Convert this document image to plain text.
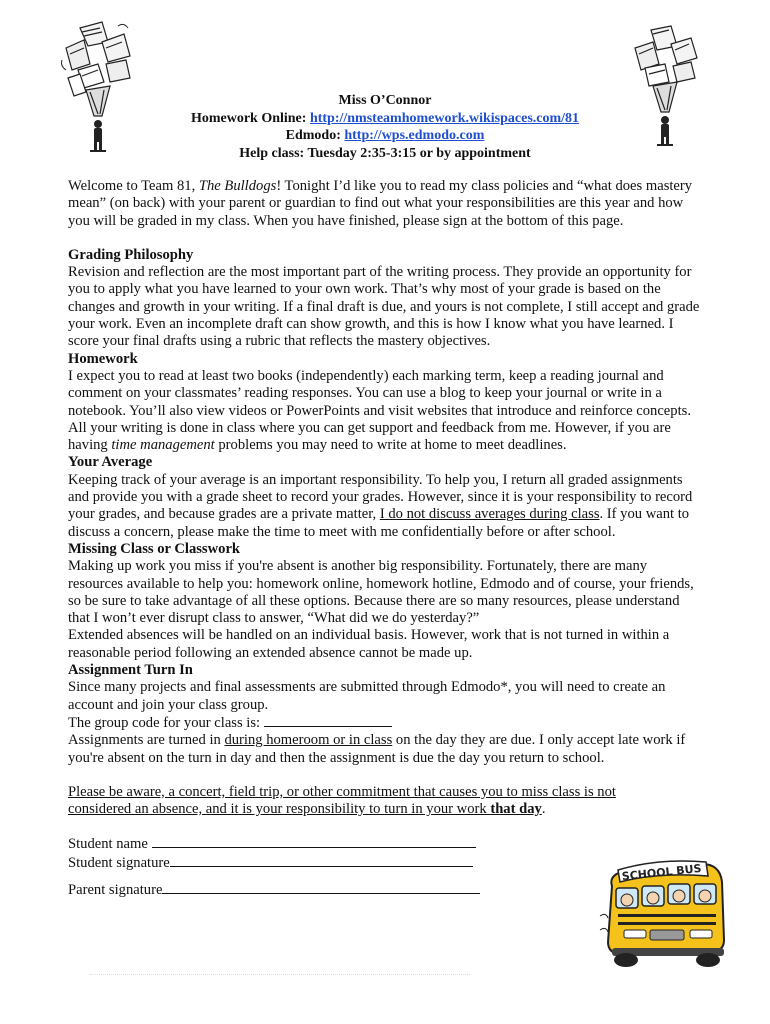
Miss O’Connor
Homework Online: http://nmsteamhomework.wikispaces.com/81
Edmodo: http://wps.edmodo.com
Help class: Tuesday 2:35-3:15 or by appointment

Welcome to Team 81, The Bulldogs! Tonight I’d like you to read my class policies and “what does mastery mean” (on back) with your parent or guardian to find out what your responsibilities are this year and how you will be graded in my class. When you have finished, please sign at the bottom of this page.

Grading Philosophy

Revision and reflection are the most important part of the writing process. They provide an opportunity for you to apply what you have learned to your own work. That’s why most of your grade is based on the changes and growth in your writing. If a final draft is due, and yours is not complete, I still accept and grade your work. Even an incomplete draft can show growth, and this is how I know what you have learned. I score your final drafts using a rubric that reflects the mastery objectives.

Homework

I expect you to read at least two books (independently) each marking term, keep a reading journal and comment on your classmates’ reading responses. You can use a blog to keep your journal or write in a notebook. You’ll also view videos or PowerPoints and visit websites that introduce and reinforce concepts. All your writing is done in class where you can get support and feedback from me. However, if you are having time management problems you may need to write at home to meet deadlines.

Your Average

Keeping track of your average is an important responsibility. To help you, I return all graded assignments and provide you with a grade sheet to record your grades. However, since it is your responsibility to record your grades, and because grades are a private matter, I do not discuss averages during class. If you want to discuss a concern, please make the time to meet with me confidentially before or after school.

Missing Class or Classwork

Making up work you miss if you're absent is another big responsibility. Fortunately, there are many resources available to help you: homework online, homework hotline, Edmodo and of course, your friends, so be sure to take advantage of all these options. Because there are so many resources, please understand that I won’t ever disrupt class to answer, “What did we do yesterday?”

Extended absences will be handled on an individual basis. However, work that is not turned in within a reasonable period following an extended absence cannot be made up.

Assignment Turn In

Since many projects and final assessments are submitted through Edmodo*, you will need to create an account and join your class group.

The group code for your class is:

Assignments are turned in during homeroom or in class on the day they are due. I only accept late work if you're absent on the turn in day and then the assignment is due the day you return to school.

Please be aware, a concert, field trip, or other commitment that causes you to miss class is not considered an absence, and it is your responsibility to turn in your work that day.

Student name

Student signature

Parent signature

SCHOOL BUS
